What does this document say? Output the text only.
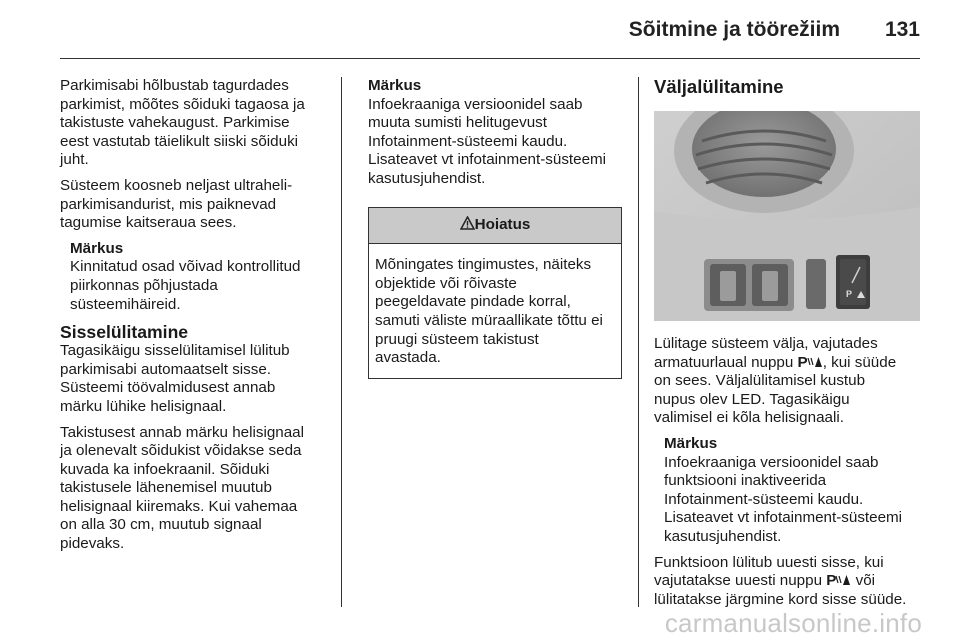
Sõitmine ja töörežiim 131

Parkimisabi hõlbustab tagurdades
parkimist, mõõtes sõiduki tagaosa ja
takistuste vahekaugust. Parkimise
eest vastutab täielikult siiski sõiduki
juht.

Süsteem koosneb neljast ultraheli-
parkimisandurist, mis paiknevad
tagumise kaitseraua sees.

Märkus
Kinnitatud osad võivad kontrollitud
piirkonnas põhjustada
süsteemihäireid.
Sisselülitamine

Tagasikäigu sisselülitamisel lülitub
parkimisabi automaatselt sisse.
Süsteemi töövalmidusest annab
märku lühike helisignaal.

Takistusest annab märku helisignaal
ja olenevalt sõidukist võidakse seda
kuvada ka infoekraanil. Sõiduki
takistusele lähenemisel muutub
helisignaal kiiremaks. Kui vahemaa
on alla 30 cm, muutub signaal
pidevaks.

Märkus
Infoekraaniga versioonidel saab
muuta sumisti helitugevust
Infotainment-süsteemi kaudu.
Lisateavet vt infotainment-süsteemi
kasutusjuhendist.
Hoiatus
Mõningates tingimustes, näiteks
objektide või rõivaste
peegeldavate pindade korral,
samuti väliste müraallikate tõttu ei
pruugi süsteem takistust
avastada.
Väljalülitamine
P

Lülitage süsteem välja, vajutades
armatuurlaual nuppu P , kui süüde
on sees. Väljalülitamisel kustub
nupus olev LED. Tagasikäigu
valimisel ei kõla helisignaali.

Märkus
Infoekraaniga versioonidel saab
funktsiooni inaktiveerida
Infotainment-süsteemi kaudu.
Lisateavet vt infotainment-süsteemi
kasutusjuhendist.

Funktsioon lülitub uuesti sisse, kui
vajutatakse uuesti nuppu P või
lülitatakse järgmine kord sisse süüde.

carmanualsonline.info
